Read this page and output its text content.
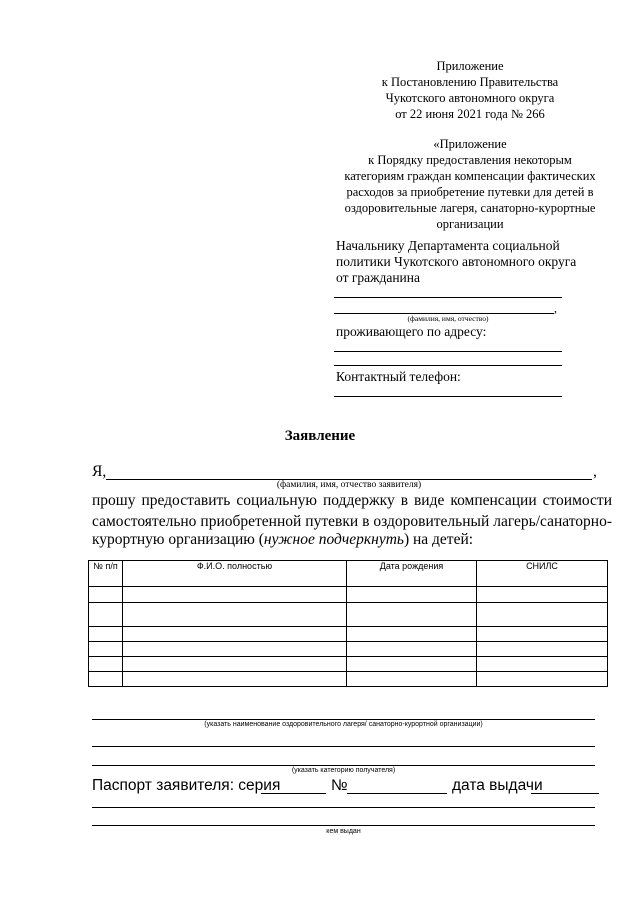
Приложение
к Постановлению Правительства
Чукотского автономного округа
от 22 июня 2021 года № 266
«Приложение
к Порядку предоставления некоторым
категориям граждан компенсации фактических
расходов за приобретение путевки для детей в
оздоровительные лагеря, санаторно-курортные
организации
Начальнику Департамента социальной
политики Чукотского автономного округа
от гражданина
,
(фамилия, имя, отчество)
проживающего по адресу:
Контактный телефон:
Заявление
Я,	,
(фамилия, имя, отчество заявителя)
прошу предоставить социальную поддержку в виде компенсации стоимости
самостоятельно приобретенной путевки в оздоровительный лагерь/санаторно-
курортную организацию (нужное подчеркнуть) на детей:
№ п/п	Ф.И.О. полностью	Дата рождения	СНИЛС

(указать наименование оздоровительного лагеря/ санаторно-курортной организации)
(указать категорию получателя)
Паспорт заявителя: серия	№	дата выдачи
кем выдан
